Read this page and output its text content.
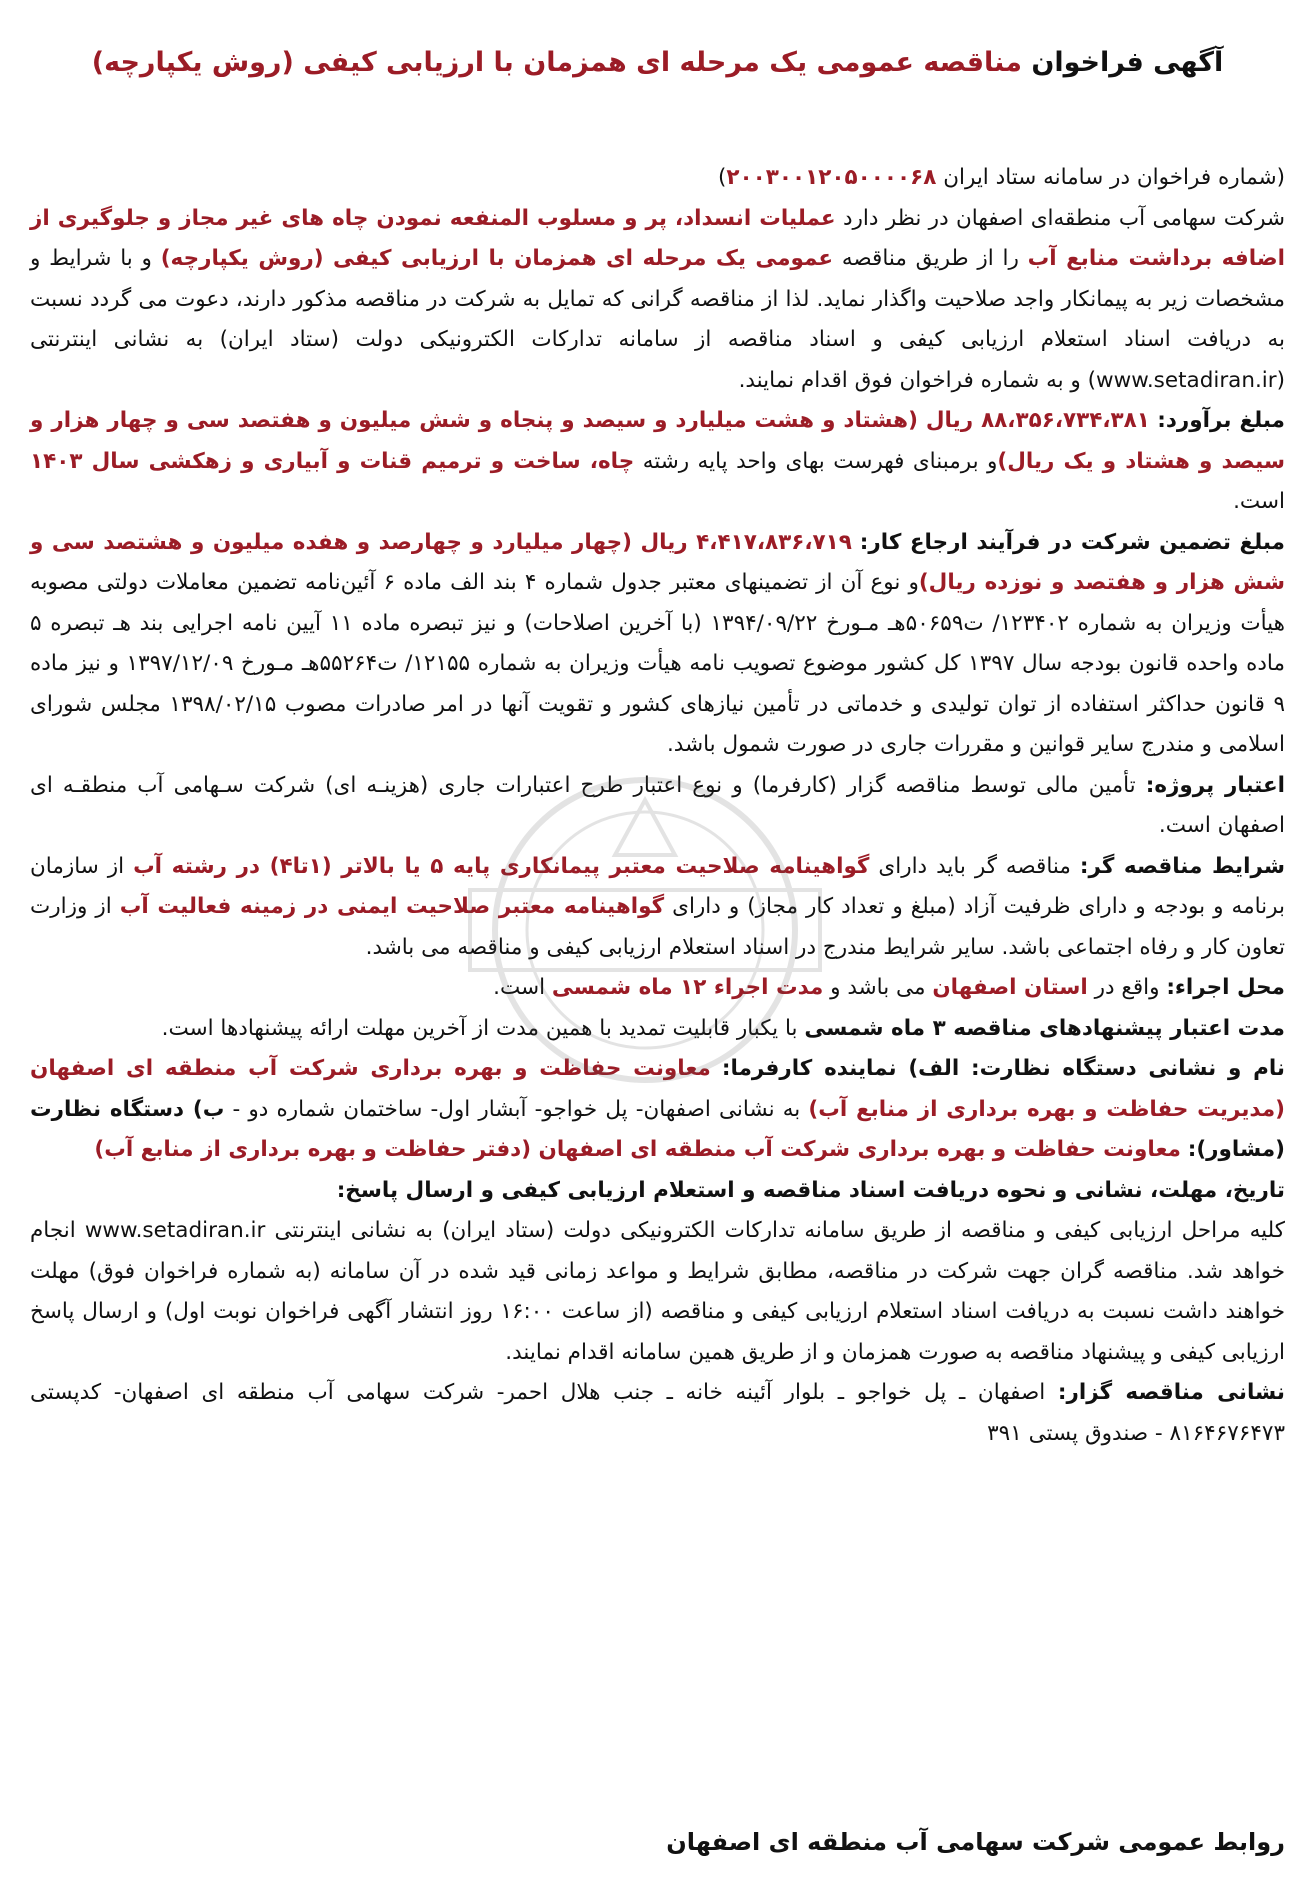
آگهی فراخوان مناقصه عمومی یک مرحله ای همزمان با ارزیابی کیفی (روش یکپارچه)

(شماره فراخوان در سامانه ستاد ایران ۲۰۰۳۰۰۱۲۰۵۰۰۰۰۶۸)

شرکت سهامی آب منطقه‌ای اصفهان در نظر دارد عملیات انسداد، پر و مسلوب المنفعه نمودن چاه های غیر مجاز و جلوگیری از اضافه برداشت منابع آب را از طریق مناقصه عمومی یک مرحله ای همزمان با ارزیابی کیفی (روش یکپارچه) و با شرایط و مشخصات زیر به پیمانکار واجد صلاحیت واگذار نماید. لذا از مناقصه گرانی که تمایل به شرکت در مناقصه مذکور دارند، دعوت می گردد نسبت به دریافت اسناد استعلام ارزیابی کیفی و اسناد مناقصه از سامانه تدارکات الکترونیکی دولت (ستاد ایران) به نشانی اینترنتی (www.setadiran.ir) و به شماره فراخوان فوق اقدام نمایند.

مبلغ برآورد: ۸۸،۳۵۶،۷۳۴،۳۸۱ ریال (هشتاد و هشت میلیارد و سیصد و پنجاه و شش میلیون و هفتصد سی و چهار هزار و سیصد و هشتاد و یک ریال)و برمبنای فهرست بهای واحد پایه رشته چاه، ساخت و ترمیم قنات و آبیاری و زهکشی سال ۱۴۰۳ است.

مبلغ تضمین شرکت در فرآیند ارجاع کار: ۴،۴۱۷،۸۳۶،۷۱۹ ریال (چهار میلیارد و چهارصد و هفده میلیون و هشتصد سی و شش هزار و هفتصد و نوزده ریال)و نوع آن از تضمینهای معتبر جدول شماره ۴ بند الف ماده ۶ آئین‌نامه تضمین معاملات دولتی مصوبه هیأت وزیران به شماره ۱۲۳۴۰۲/ ت۵۰۶۵۹هـ مـورخ ۱۳۹۴/۰۹/۲۲ (با آخرین اصلاحات) و نیز تبصره ماده ۱۱ آیین نامه اجرایی بند هـ تبصره ۵ ماده واحده قانون بودجه سال ۱۳۹۷ کل کشور موضوع تصویب نامه هیأت وزیران به شماره ۱۲۱۵۵/ ت۵۵۲۶۴هـ مـورخ ۱۳۹۷/۱۲/۰۹ و نیز ماده ۹ قانون حداکثر استفاده از توان تولیدی و خدماتی در تأمین نیازهای کشور و تقویت آنها در امر صادرات مصوب ۱۳۹۸/۰۲/۱۵ مجلس شورای اسلامی و مندرج سایر قوانین و مقررات جاری در صورت شمول باشد.

اعتبار پروژه: تأمین مالی توسط مناقصه گزار (کارفرما) و نوع اعتبار طرح اعتبارات جاری (هزینـه ای) شرکت سـهامی آب منطقـه ای اصفهان است.

شرایط مناقصه گر: مناقصه گر باید دارای گواهینامه صلاحیت معتبر پیمانکاری پایه ۵ یا بالاتر (۱تا۴) در رشته آب از سازمان برنامه و بودجه و دارای ظرفیت آزاد (مبلغ و تعداد کار مجاز) و دارای گواهینامه معتبر صلاحیت ایمنی در زمینه فعالیت آب از وزارت تعاون کار و رفاه اجتماعی باشد. سایر شرایط مندرج در اسناد استعلام ارزیابی کیفی و مناقصه می باشد.

محل اجراء: واقع در استان اصفهان می باشد و مدت اجراء ۱۲ ماه شمسی است.

مدت اعتبار پیشنهادهای مناقصه ۳ ماه شمسی با یکبار قابلیت تمدید با همین مدت از آخرین مهلت ارائه پیشنهادها است.

نام و نشانی دستگاه نظارت: الف) نماینده کارفرما: معاونت حفاظت و بهره برداری شرکت آب منطقه ای اصفهان (مدیریت حفاظت و بهره برداری از منابع آب) به نشانی اصفهان- پل خواجو- آبشار اول- ساختمان شماره دو - ب) دستگاه نظارت (مشاور): معاونت حفاظت و بهره برداری شرکت آب منطقه ای اصفهان (دفتر حفاظت و بهره برداری از منابع آب)

تاریخ، مهلت، نشانی و نحوه دریافت اسناد مناقصه و استعلام ارزیابی کیفی و ارسال پاسخ:

کلیه مراحل ارزیابی کیفی و مناقصه از طریق سامانه تدارکات الکترونیکی دولت (ستاد ایران) به نشانی اینترنتی www.setadiran.ir انجام خواهد شد. مناقصه گران جهت شرکت در مناقصه، مطابق شرایط و مواعد زمانی قید شده در آن سامانه (به شماره فراخوان فوق) مهلت خواهند داشت نسبت به دریافت اسناد استعلام ارزیابی کیفی و مناقصه (از ساعت ۱۶:۰۰ روز انتشار آگهی فراخوان نوبت اول) و ارسال پاسخ ارزیابی کیفی و پیشنهاد مناقصه به صورت همزمان و از طریق همین سامانه اقدام نمایند.

نشانی مناقصه گزار: اصفهان ـ پل خواجو ـ بلوار آئینه خانه ـ جنب هلال احمر- شرکت سهامی آب منطقه ای اصفهان- کدپستی ۸۱۶۴۶۷۶۴۷۳ - صندوق پستی ۳۹۱

روابط عمومی شرکت سهامی آب منطقه ای اصفهان
